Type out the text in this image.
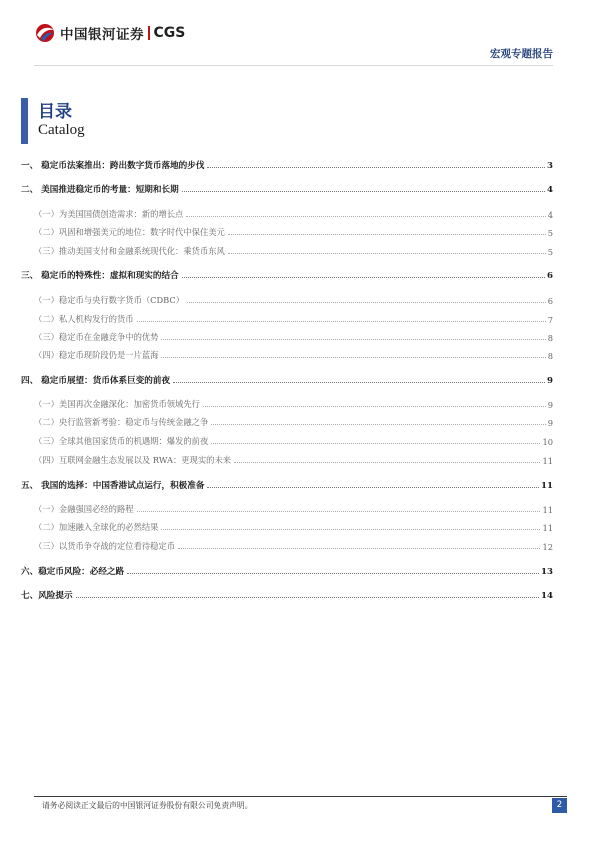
中国银河证券 CGS
宏观专题报告
目录
Catalog
一、 稳定币法案推出：跨出数字货币落地的步伐	3
二、 美国推进稳定币的考量：短期和长期	4
（一）为美国国债创造需求：新的增长点	4
（二）巩固和增强美元的地位：数字时代中保住美元	5
（三）推动美国支付和金融系统现代化：乘货币东风	5
三、 稳定币的特殊性：虚拟和现实的结合	6
（一）稳定币与央行数字货币（CDBC）	6
（二）私人机构发行的货币	7
（三）稳定币在金融竞争中的优势	8
（四）稳定币现阶段仍是一片蓝海	8
四、 稳定币展望：货币体系巨变的前夜	9
（一）美国再次金融深化：加密货币领域先行	9
（二）央行监管新考验：稳定币与传统金融之争	9
（三）全球其他国家货币的机遇期：爆发的前夜	10
（四）互联网金融生态发展以及 RWA：更现实的未来	11
五、 我国的选择：中国香港试点运行，积极准备	11
（一）金融强国必经的路程	11
（二）加速融入全球化的必然结果	11
（三）以货币争夺战的定位看待稳定币	12
六、稳定币风险：必经之路	13
七、风险提示	14
请务必阅读正文最后的中国银河证券股份有限公司免责声明。	2
